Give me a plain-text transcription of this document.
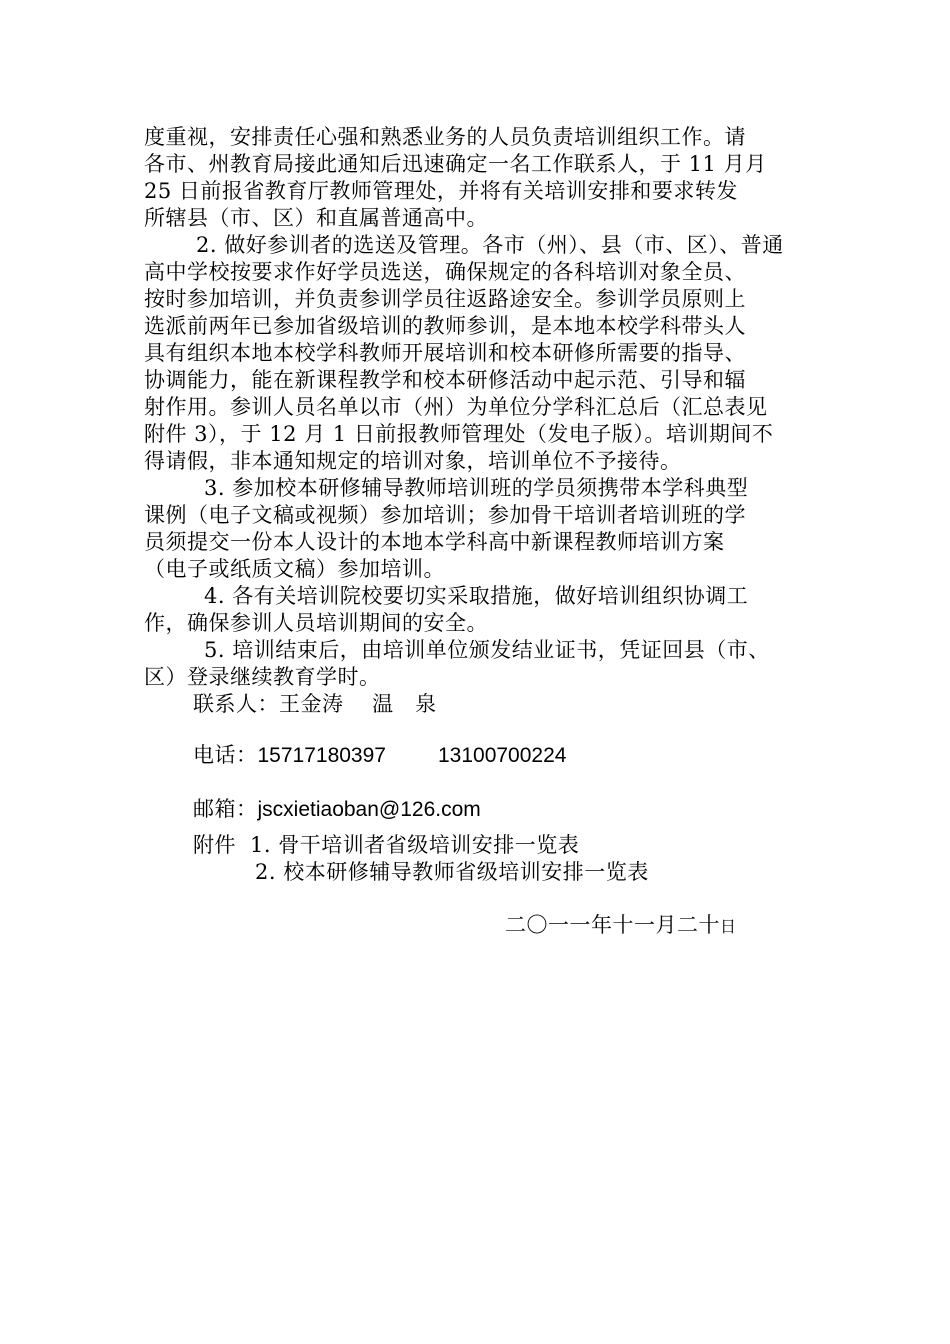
度重视，安排责任心强和熟悉业务的人员负责培训组织工作。请

各市、州教育局接此通知后迅速确定一名工作联系人，于 11 月月

25 日前报省教育厅教师管理处，并将有关培训安排和要求转发

所辖县（市、区）和直属普通高中。

2. 做好参训者的选送及管理。各市（州）、县（市、区）、普通

高中学校按要求作好学员选送，确保规定的各科培训对象全员、

按时参加培训，并负责参训学员往返路途安全。参训学员原则上

选派前两年已参加省级培训的教师参训，是本地本校学科带头人

具有组织本地本校学科教师开展培训和校本研修所需要的指导、

协调能力，能在新课程教学和校本研修活动中起示范、引导和辐

射作用。参训人员名单以市（州）为单位分学科汇总后（汇总表见

附件 3），于 12 月 1 日前报教师管理处（发电子版）。培训期间不

得请假，非本通知规定的培训对象，培训单位不予接待。

3. 参加校本研修辅导教师培训班的学员须携带本学科典型

课例（电子文稿或视频）参加培训；参加骨干培训者培训班的学

员须提交一份本人设计的本地本学科高中新课程教师培训方案

（电子或纸质文稿）参加培训。

4. 各有关培训院校要切实采取措施，做好培训组织协调工

作，确保参训人员培训期间的安全。

5. 培训结束后，由培训单位颁发结业证书，凭证回县（市、

区）登录继续教育学时。

联系人：王金涛　 温　泉

电话：15717180397 13100700224

邮箱：jscxietiaoban@126.com

附件 1. 骨干培训者省级培训安排一览表

2. 校本研修辅导教师省级培训安排一览表

二〇一一年十一月二十日
